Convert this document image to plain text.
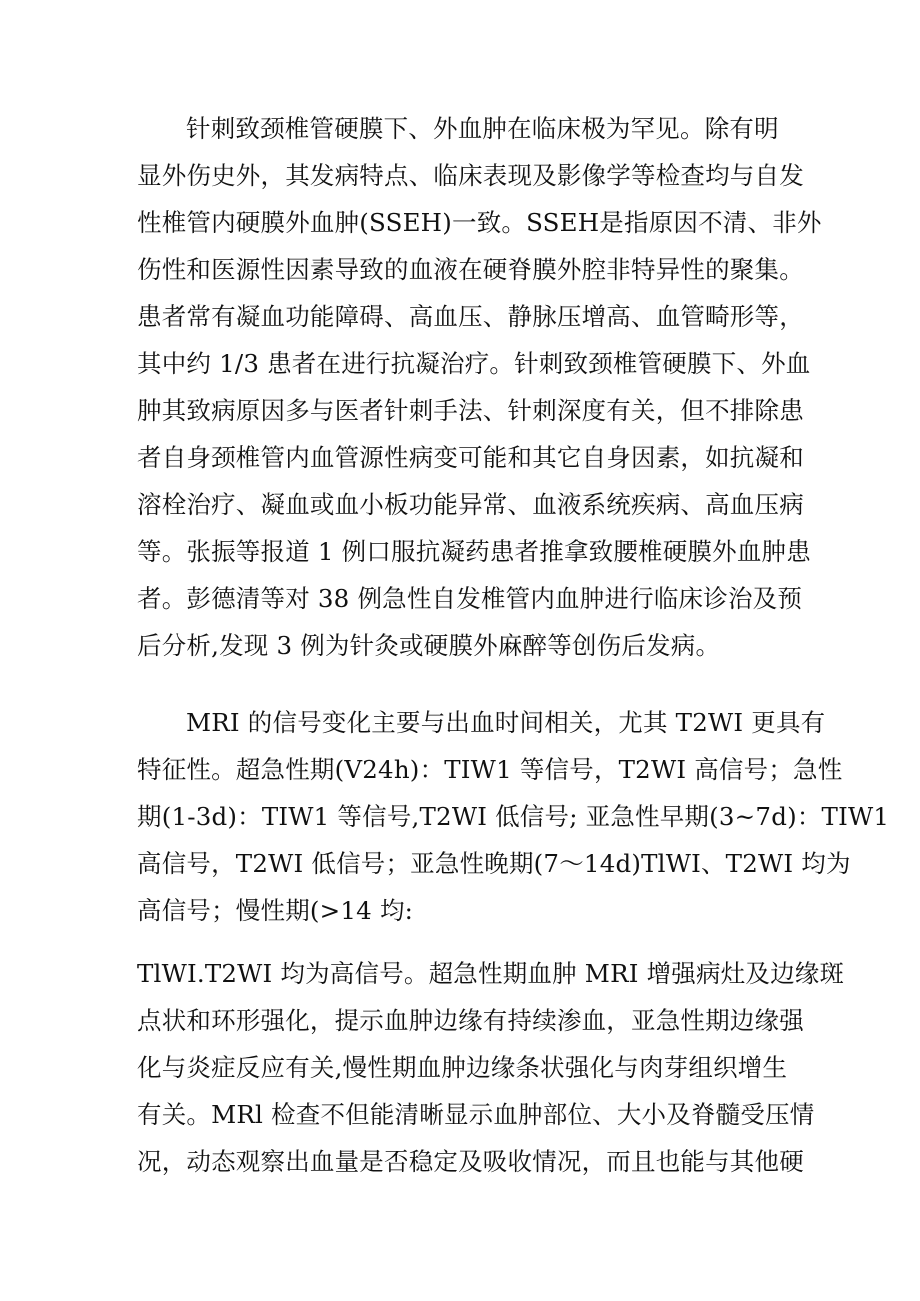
针刺致颈椎管硬膜下、外血肿在临床极为罕见。除有明
显外伤史外，其发病特点、临床表现及影像学等检查均与自发
性椎管内硬膜外血肿(SSEH)一致。SSEH是指原因不清、非外
伤性和医源性因素导致的血液在硬脊膜外腔非特异性的聚集。
患者常有凝血功能障碍、高血压、静脉压增高、血管畸形等，
其中约 1/3 患者在进行抗凝治疗。针刺致颈椎管硬膜下、外血
肿其致病原因多与医者针刺手法、针刺深度有关，但不排除患
者自身颈椎管内血管源性病变可能和其它自身因素，如抗凝和
溶栓治疗、凝血或血小板功能异常、血液系统疾病、高血压病
等。张振等报道 1 例口服抗凝药患者推拿致腰椎硬膜外血肿患
者。彭德清等对 38 例急性自发椎管内血肿进行临床诊治及预
后分析,发现 3 例为针灸或硬膜外麻醉等创伤后发病。
MRI 的信号变化主要与出血时间相关，尤其 T2WI 更具有
特征性。超急性期(V24h)：TIW1 等信号，T2WI 高信号；急性
期(1-3d)：TIW1 等信号,T2WI 低信号; 亚急性早期(3~7d)：TIW1
高信号，T2WI 低信号；亚急性晚期(7～14d)TlWI、T2WI 均为
高信号；慢性期(>14 均:
TlWI.T2WI 均为高信号。超急性期血肿 MRI 增强病灶及边缘斑
点状和环形强化，提示血肿边缘有持续渗血，亚急性期边缘强
化与炎症反应有关,慢性期血肿边缘条状强化与肉芽组织增生
有关。MRl 检查不但能清晰显示血肿部位、大小及脊髓受压情
况，动态观察出血量是否稳定及吸收情况，而且也能与其他硬
